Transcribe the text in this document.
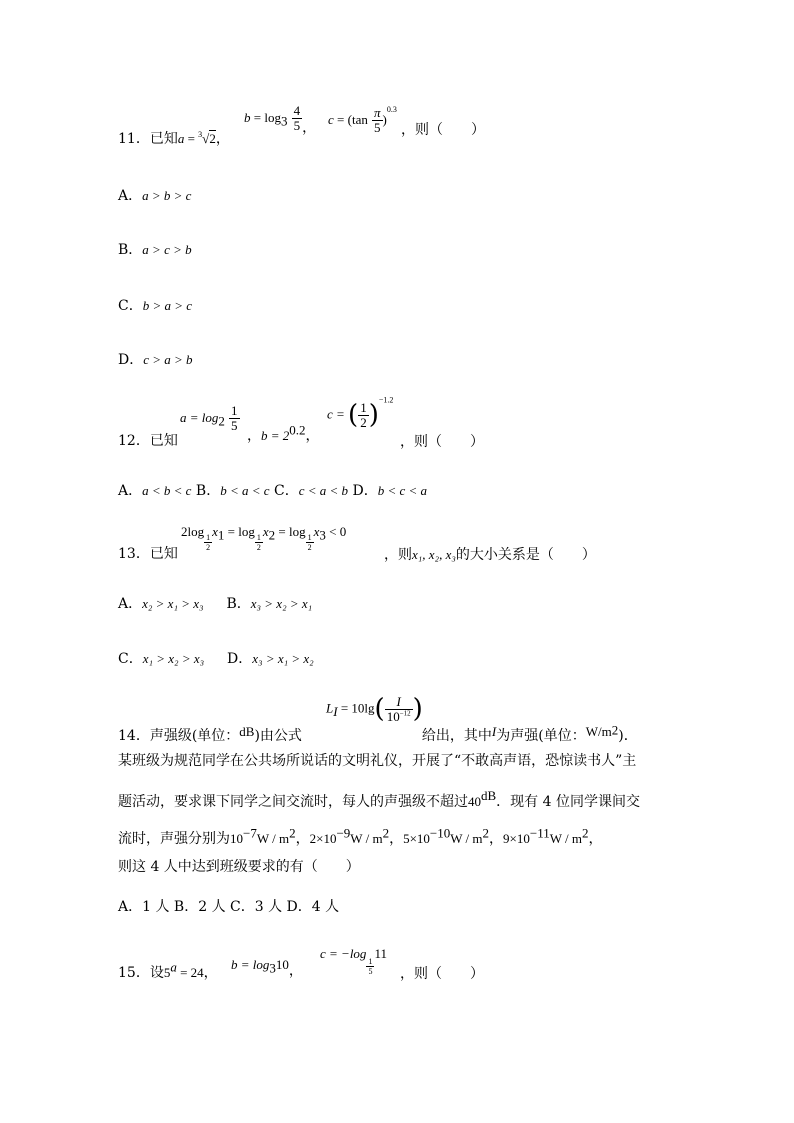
11．已知a = $^3$√2，
$b = \log_3 \frac{4}{5}$ ，
$c = (\tan \frac{\pi}{5} )^{0.3}$ ，则（　　）
A．a > b > c
B．a > c > b
C．b > a > c
D．c > a > b
12．已知
$a = \log_2 \frac{1}{5}$
，$b = 2^{0.2}$，
c = ( $\frac{1}{2} )^{-1.2}$
，则（　　）
A．a < b < c B．b < a < c C．c < a < b D．b < c < a
13．已知
2log
$\frac{1}{2}$
$x_1 = \log$
$\frac{1}{2}$
$x_2 = \log$
$\frac{1}{2}$
$x_3 < 0$
，则x₁, x₂, x₃的大小关系是（　　）
A．x₂ > x₁ > x₃ B．x₃ > x₂ > x₁
C．x₁ > x₂ > x₃ D．x₃ > x₁ > x₂
$L_I = 10\lg( \frac{I}{10^{-12}}$ )
14．声强级(单位：dB)由公式	给出，其中I为声强(单位：$W/m^2$)．
某班级为规范同学在公共场所说话的文明礼仪，开展了“不敢高声语，恐惊读书人”主
题活动，要求课下同学之间交流时，每人的声强级不超过40dB．现有 4 位同学课间交
流时，声强分别为$10^{-7}W / m^2$，$2\times 10^{-9}W / m^2$，$5\times 10^{-10}W / m^2$，$9\times 10^{-11}W / m^2$，
则这 4 人中达到班级要求的有（　　）
A．1 人 B．2 人 C．3 人 D．4 人
15．设$5^a = 24$，
$b = \log_310$，
c = −log
$\frac{1}{5}$
11
，则（　　）
